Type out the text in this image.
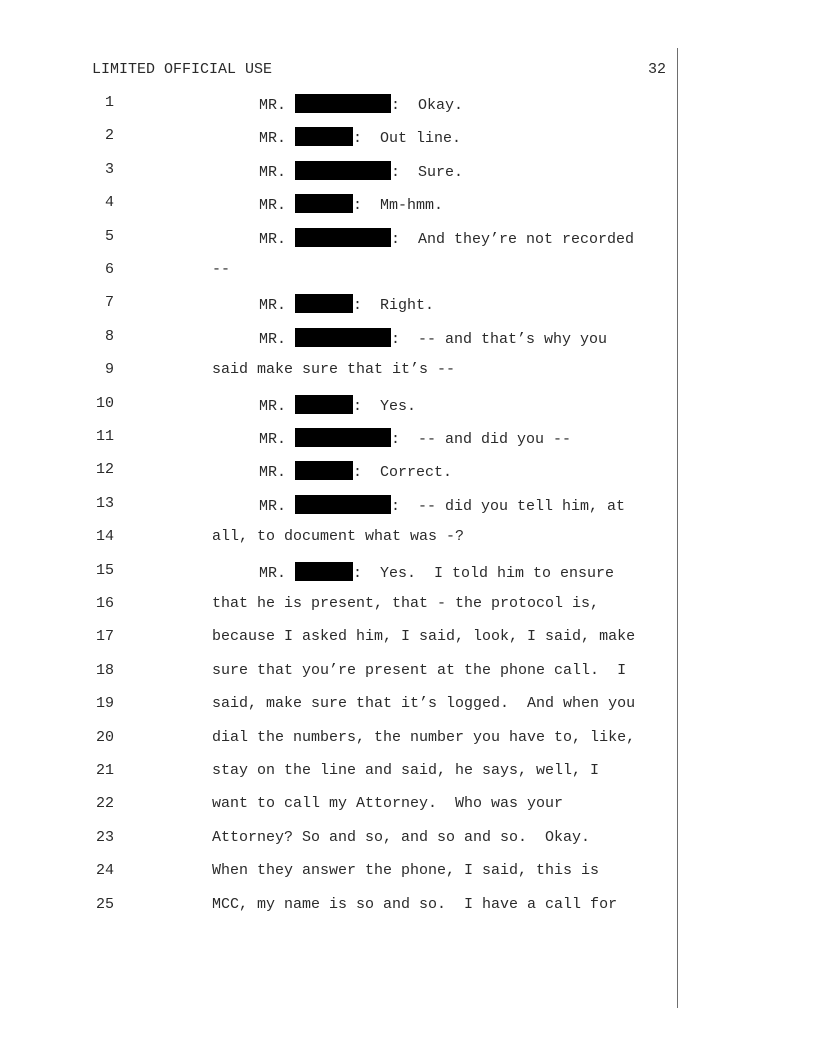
LIMITED OFFICIAL USE	32
1	MR.	:  Okay.
2	MR.	:  Out line.
3	MR.	:  Sure.
4	MR.	:  Mm-hmm.
5	MR.	:  And they’re not recorded
6	--
7	MR.	:  Right.
8	MR.	:  -- and that’s why you
9	said make sure that it’s --
10	MR.	:  Yes.
11	MR.	:  -- and did you --
12	MR.	:  Correct.
13	MR.	:  -- did you tell him, at
14	all, to document what was -?
15	MR.	:  Yes.  I told him to ensure
16	that he is present, that - the protocol is,
17	because I asked him, I said, look, I said, make
18	sure that you’re present at the phone call.  I
19	said, make sure that it’s logged.  And when you
20	dial the numbers, the number you have to, like,
21	stay on the line and said, he says, well, I
22	want to call my Attorney.  Who was your
23	Attorney? So and so, and so and so.  Okay.
24	When they answer the phone, I said, this is
25	MCC, my name is so and so.  I have a call for
